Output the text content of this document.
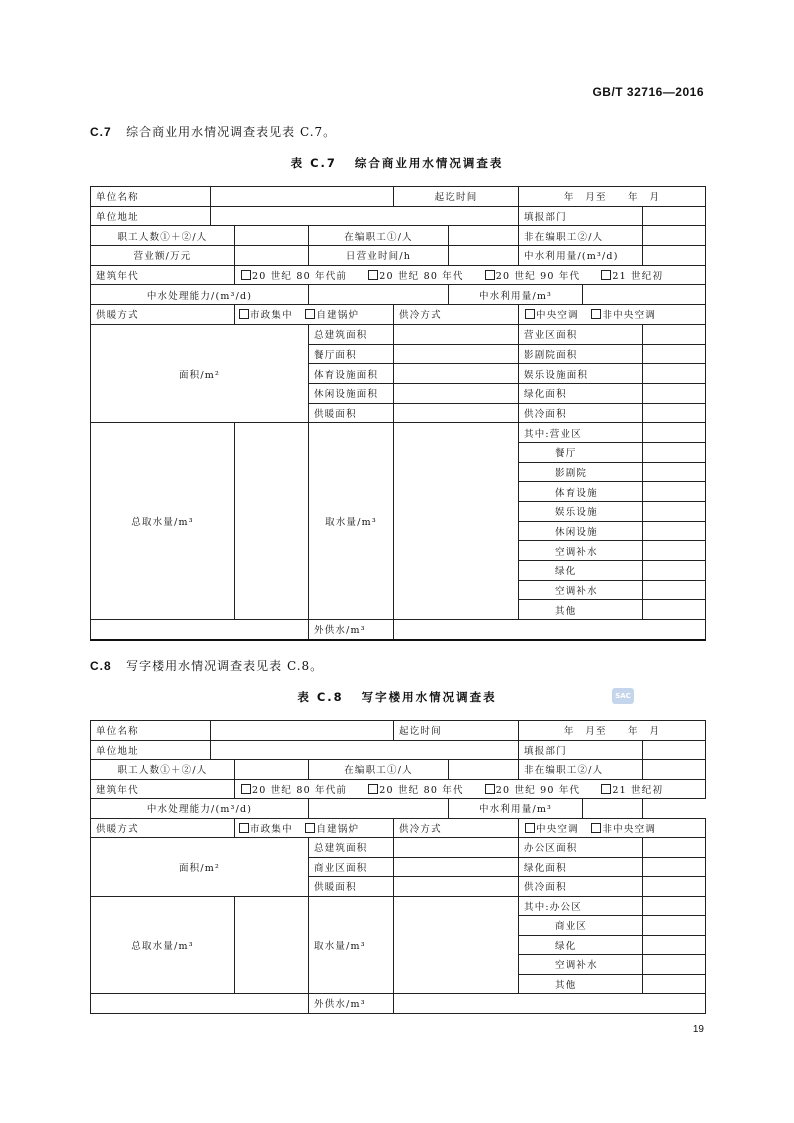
GB/T 32716—2016
C.7 综合商业用水情况调查表见表 C.7。
表 C.7 综合商业用水情况调查表
单位名称				起讫时间		年　月至　　年　月		
单位地址						填报部门		
职工人数①＋②/人			在编职工①/人			非在编职工②/人		
营业额/万元			日营业时间/h			中水利用量/(m³/d)		
建筑年代		20 世纪 80 年代前 20 世纪 80 年代 20 世纪 90 年代 21 世纪初						
中水处理能力/(m³/d)					中水利用量/m³			
供暖方式		市政集中 自建锅炉		供冷方式		中央空调 非中央空调		
面积/m²			总建筑面积			营业区面积		
			餐厅面积			影剧院面积		
			体育设施面积			娱乐设施面积		
			休闲设施面积			绿化面积		
			供暖面积			供冷面积		
总取水量/m³			取水量/m³			其中:营业区		
						餐厅		
						影剧院		
						体育设施		
						娱乐设施		
						休闲设施		
						空调补水		
						绿化		
						空调补水		
						其他		
			外供水/m³					
C.8 写字楼用水情况调查表见表 C.8。
表 C.8 写字楼用水情况调查表	SAC
单位名称				起讫时间		年　月至　　年　月		
单位地址						填报部门		
职工人数①＋②/人			在编职工①/人			非在编职工②/人		
建筑年代		20 世纪 80 年代前 20 世纪 80 年代 20 世纪 90 年代 21 世纪初						
中水处理能力/(m³/d)					中水利用量/m³			
供暖方式		市政集中 自建锅炉		供冷方式		中央空调 非中央空调		
面积/m²			总建筑面积			办公区面积		
			商业区面积			绿化面积		
			供暖面积			供冷面积		
总取水量/m³			取水量/m³			其中:办公区		
						商业区		
						绿化		
						空调补水		
						其他		
			外供水/m³					
19
